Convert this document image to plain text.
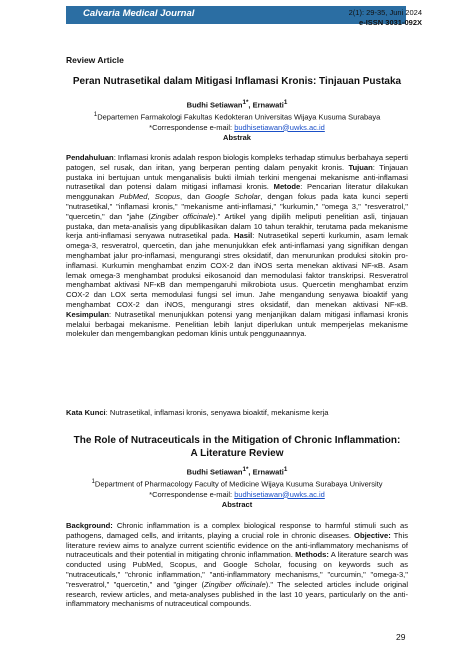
Calvaria Medical Journal	2(1): 29-35, Juni 2024
e-ISSN 3031-092X
Review Article
Peran Nutrasetikal dalam Mitigasi Inflamasi Kronis: Tinjauan Pustaka
Budhi Setiawan$^{1*}$, Ernawati$^1$
$^1$Departemen Farmakologi Fakultas Kedokteran Universitas Wijaya Kusuma Surabaya
*Correspondense e-mail: budhisetiawan@uwks.ac.id
Abstrak

Pendahuluan: Inflamasi kronis adalah respon biologis kompleks terhadap stimulus berbahaya seperti patogen, sel rusak, dan iritan, yang berperan penting dalam penyakit kronis. Tujuan: Tinjauan pustaka ini bertujuan untuk menganalisis bukti ilmiah terkini mengenai mekanisme anti-inflamasi nutrasetikal dan potensi dalam mitigasi inflamasi kronis. Metode: Pencarian literatur dilakukan menggunakan PubMed, Scopus, dan Google Scholar, dengan fokus pada kata kunci seperti "nutrasetikal," "inflamasi kronis," "mekanisme anti-inflamasi," "kurkumin," "omega 3," "resveratrol," "quercetin," dan "jahe (Zingiber officinale)." Artikel yang dipilih meliputi penelitian asli, tinjauan pustaka, dan meta-analisis yang dipublikasikan dalam 10 tahun terakhir, terutama pada mekanisme kerja anti-inflamasi senyawa nutrasetikal pada. Hasil: Nutrasetikal seperti kurkumin, asam lemak omega-3, resveratrol, quercetin, dan jahe menunjukkan efek anti-inflamasi yang signifikan dengan menghambat jalur pro-inflamasi, mengurangi stres oksidatif, dan menurunkan produksi sitokin pro-inflamasi. Kurkumin menghambat enzim COX-2 dan iNOS serta menekan aktivasi NF-κB. Asam lemak omega-3 menghambat produksi eikosanoid dan memodulasi faktor transkripsi. Resveratrol menghambat aktivasi NF-κB dan mempengaruhi mikrobiota usus. Quercetin menghambat enzim COX-2 dan LOX serta memodulasi fungsi sel imun. Jahe mengandung senyawa bioaktif yang menghambat COX-2 dan iNOS, mengurangi stres oksidatif, dan menekan aktivasi NF-κB. Kesimpulan: Nutrasetikal menunjukkan potensi yang menjanjikan dalam mitigasi inflamasi kronis melalui berbagai mekanisme. Penelitian lebih lanjut diperlukan untuk memperjelas mekanisme molekuler dan mengembangkan pedoman klinis untuk penggunaannya.

Kata Kunci: Nutrasetikal, inflamasi kronis, senyawa bioaktif, mekanisme kerja
The Role of Nutraceuticals in the Mitigation of Chronic Inflammation:
A Literature Review
Budhi Setiawan$^{1*}$, Ernawati$^1$
$^1$Department of Pharmacology Faculty of Medicine Wijaya Kusuma Surabaya University
*Correspondense e-mail: budhisetiawan@uwks.ac.id
Abstract

Background: Chronic inflammation is a complex biological response to harmful stimuli such as pathogens, damaged cells, and irritants, playing a crucial role in chronic diseases. Objective: This literature review aims to analyze current scientific evidence on the anti-inflammatory mechanisms of nutraceuticals and their potential in mitigating chronic inflammation. Methods: A literature search was conducted using PubMed, Scopus, and Google Scholar, focusing on keywords such as "nutraceuticals," "chronic inflammation," "anti-inflammatory mechanisms," "curcumin," "omega-3," "resveratrol," "quercetin," and "ginger (Zingiber officinale)." The selected articles include original research, review articles, and meta-analyses published in the last 10 years, particularly on the anti-inflammatory mechanisms of nutraceutical compounds.

29
